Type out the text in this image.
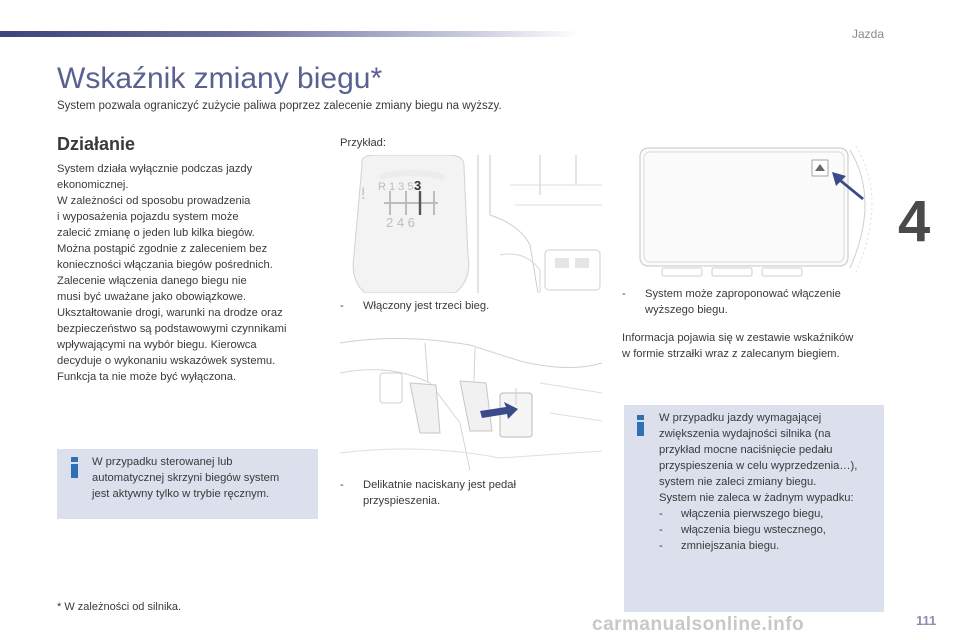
Jazda
4
Wskaźnik zmiany biegu*
System pozwala ograniczyć zużycie paliwa poprzez zalecenie zmiany biegu na wyższy.
Działanie

System działa wyłącznie podczas jazdy

ekonomicznej.

W zależności od sposobu prowadzenia

i wyposażenia pojazdu system może

zalecić zmianę o jeden lub kilka biegów.

Można postąpić zgodnie z zaleceniem bez

konieczności włączania biegów pośrednich.

Zalecenie włączenia danego biegu nie

musi być uważane jako obowiązkowe.

Ukształtowanie drogi, warunki na drodze oraz

bezpieczeństwo są podstawowymi czynnikami

wpływającymi na wybór biegu. Kierowca

decyduje o wykonaniu wskazówek systemu.

Funkcja ta nie może być wyłączona.

W przypadku sterowanej lub
automatycznej skrzyni biegów system
jest aktywny tylko w trybie ręcznym.
* W zależności od silnika.
Przykład:
! R 1 3 5 3
2 4 6
-	Włączony jest trzeci bieg.
-	Delikatnie naciskany jest pedał
przyspieszenia.
-	System może zaproponować włączenie
wyższego biegu.
Informacja pojawia się w zestawie wskaźników
w formie strzałki wraz z zalecanym biegiem.
W przypadku jazdy wymagającej
zwiększenia wydajności silnika (na
przykład mocne naciśnięcie pedału
przyspieszenia w celu wyprzedzenia…),
system nie zaleci zmiany biegu.
System nie zaleca w żadnym wypadku:
- włączenia pierwszego biegu,
- włączenia biegu wstecznego,
- zmniejszania biegu.
carmanualsonline.info	111
